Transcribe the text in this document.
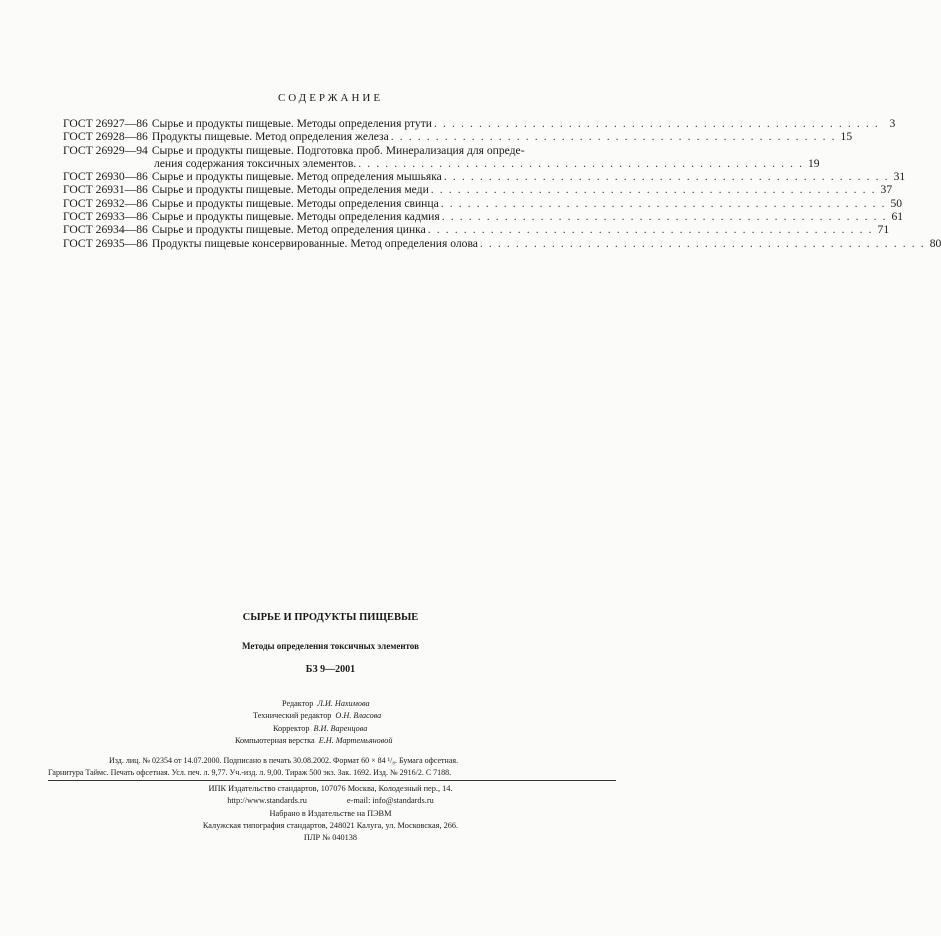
СОДЕРЖАНИЕ
ГОСТ 26927—86 Сырье и продукты пищевые. Методы определения ртути . . . . . . . . . . . . . . . . . . . . . . . . . . . . . . . . . . . . . . . . . . . . . . . . . . 3
ГОСТ 26928—86 Продукты пищевые. Метод определения железа . . . . . . . . . . . . . . . . . . . . . . . . . . . . . . . . . . . . . . . . . . . . . . . . . . 15
ГОСТ 26929—94 Сырье и продукты пищевые. Подготовка проб. Минерализация для опреде-
ления содержания токсичных элементов. . . . . . . . . . . . . . . . . . . . . . . . . . . . . . . . . . . . . . . . . . . . . . . . . . . 19
ГОСТ 26930—86 Сырье и продукты пищевые. Метод определения мышьяка . . . . . . . . . . . . . . . . . . . . . . . . . . . . . . . . . . . . . . . . . . . . . . . . . . 31
ГОСТ 26931—86 Сырье и продукты пищевые. Методы определения меди . . . . . . . . . . . . . . . . . . . . . . . . . . . . . . . . . . . . . . . . . . . . . . . . . . 37
ГОСТ 26932—86 Сырье и продукты пищевые. Методы определения свинца . . . . . . . . . . . . . . . . . . . . . . . . . . . . . . . . . . . . . . . . . . . . . . . . . . 50
ГОСТ 26933—86 Сырье и продукты пищевые. Методы определения кадмия . . . . . . . . . . . . . . . . . . . . . . . . . . . . . . . . . . . . . . . . . . . . . . . . . . 61
ГОСТ 26934—86 Сырье и продукты пищевые. Метод определения цинка . . . . . . . . . . . . . . . . . . . . . . . . . . . . . . . . . . . . . . . . . . . . . . . . . . 71
ГОСТ 26935—86 Продукты пищевые консервированные. Метод определения олова . . . . . . . . . . . . . . . . . . . . . . . . . . . . . . . . . . . . . . . . . . . . . . . . . . 80
СЫРЬЕ И ПРОДУКТЫ ПИЩЕВЫЕ
Методы определения токсичных элементов
БЗ 9—2001
Редактор Л.И. Нахимова
Технический редактор О.Н. Власова
Корректор В.И. Варенцова
Компьютерная верстка Е.Н. Мартемьяновой
Изд. лиц. № 02354 от 14.07.2000. Подписано в печать 30.08.2002. Формат 60 × 84 ¹/₈. Бумага офсетная.
Гарнитура Таймс. Печать офсетная. Усл. печ. л. 9,77. Уч.-изд. л. 9,00. Тираж 500 экз. Зак. 1692. Изд. № 2916/2. С 7188.
ИПК Издательство стандартов, 107076 Москва, Колодезный пер., 14.
http://www.standards.ru	e-mail: info@standards.ru
Набрано в Издательстве на ПЭВМ
Калужская типография стандартов, 248021 Калуга, ул. Московская, 266.
ПЛР № 040138
